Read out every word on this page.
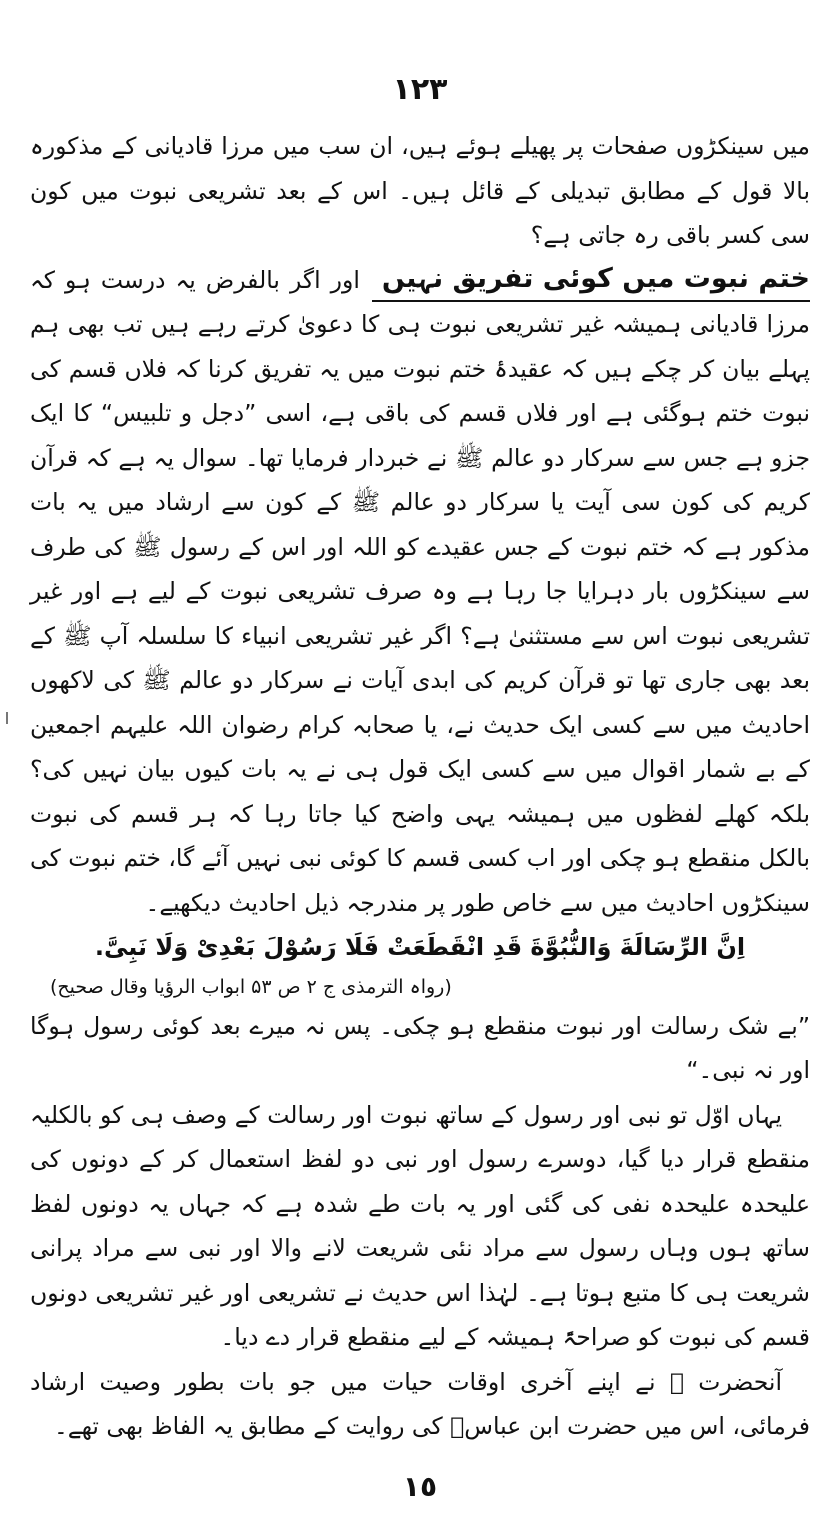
١٢٣

میں سینکڑوں صفحات پر پھیلے ہوئے ہیں، ان سب میں مرزا قادیانی کے مذکورہ بالا قول کے مطابق تبدیلی کے قائل ہیں۔ اس کے بعد تشریعی نبوت میں کون سی کسر باقی رہ جاتی ہے؟

ختم نبوت میں کوئی تفریق نہیں
اور اگر بالفرض یہ درست ہو کہ مرزا قادیانی ہمیشہ غیر تشریعی نبوت ہی کا دعویٰ کرتے رہے ہیں تب بھی ہم پہلے بیان کر چکے ہیں کہ عقیدۂ ختم نبوت میں یہ تفریق کرنا کہ فلاں قسم کی نبوت ختم ہوگئی ہے اور فلاں قسم کی باقی ہے، اسی ”دجل و تلبیس“ کا ایک جزو ہے جس سے سرکار دو عالم ﷺ نے خبردار فرمایا تھا۔ سوال یہ ہے کہ قرآن کریم کی کون سی آیت یا سرکار دو عالم ﷺ کے کون سے ارشاد میں یہ بات مذکور ہے کہ ختم نبوت کے جس عقیدے کو اللہ اور اس کے رسول ﷺ کی طرف سے سینکڑوں بار دہرایا جا رہا ہے وہ صرف تشریعی نبوت کے لیے ہے اور غیر تشریعی نبوت اس سے مستثنیٰ ہے؟ اگر غیر تشریعی انبیاء کا سلسلہ آپ ﷺ کے بعد بھی جاری تھا تو قرآن کریم کی ابدی آیات نے سرکار دو عالم ﷺ کی لاکھوں احادیث میں سے کسی ایک حدیث نے، یا صحابہ کرام رضوان اللہ علیہم اجمعین کے بے شمار اقوال میں سے کسی ایک قول ہی نے یہ بات کیوں بیان نہیں کی؟ بلکہ کھلے لفظوں میں ہمیشہ یہی واضح کیا جاتا رہا کہ ہر قسم کی نبوت بالکل منقطع ہو چکی اور اب کسی قسم کا کوئی نبی نہیں آئے گا، ختم نبوت کی سینکڑوں احادیث میں سے خاص طور پر مندرجہ ذیل احادیث دیکھیے۔

اِنَّ الرِّسَالَةَ وَالنُّبُوَّةَ قَدِ انْقَطَعَتْ فَلَا رَسُوْلَ بَعْدِیْ وَلَا نَبِیَّ.

(رواہ الترمذی ج ۲ ص ۵۳ ابواب الرؤیا وقال صحیح)

”بے شک رسالت اور نبوت منقطع ہو چکی۔ پس نہ میرے بعد کوئی رسول ہوگا اور نہ نبی۔“

یہاں اوّل تو نبی اور رسول کے ساتھ نبوت اور رسالت کے وصف ہی کو بالکلیہ منقطع قرار دیا گیا، دوسرے رسول اور نبی دو لفظ استعمال کر کے دونوں کی علیحدہ علیحدہ نفی کی گئی اور یہ بات طے شدہ ہے کہ جہاں یہ دونوں لفظ ساتھ ہوں وہاں رسول سے مراد نئی شریعت لانے والا اور نبی سے مراد پرانی شریعت ہی کا متبع ہوتا ہے۔ لہٰذا اس حدیث نے تشریعی اور غیر تشریعی دونوں قسم کی نبوت کو صراحۃً ہمیشہ کے لیے منقطع قرار دے دیا۔

آنحضرت ﷺ نے اپنے آخری اوقات حیات میں جو بات بطور وصیت ارشاد فرمائی، اس میں حضرت ابن عباسؓ کی روایت کے مطابق یہ الفاظ بھی تھے۔

١٥
